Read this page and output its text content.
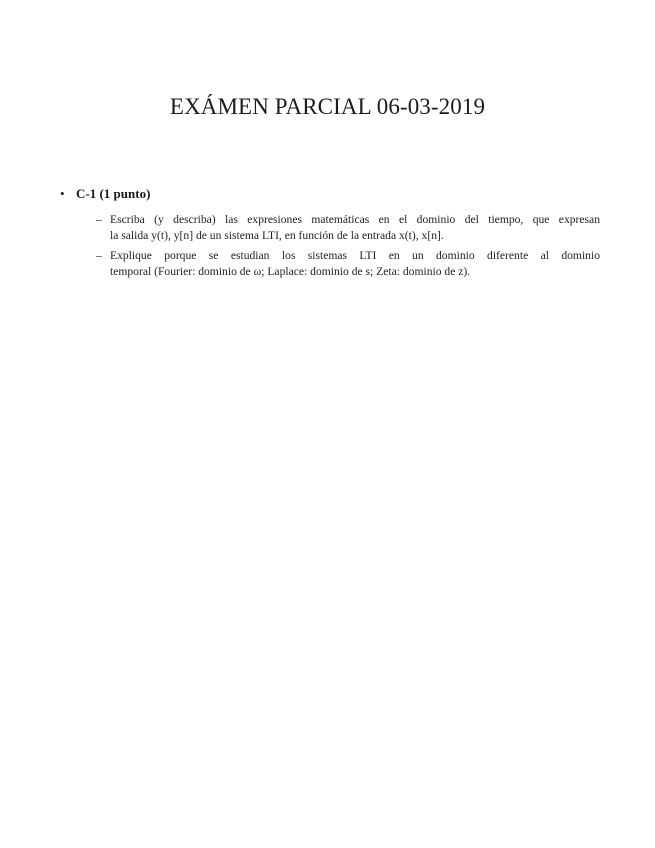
EXÁMEN PARCIAL 06-03-2019
• C-1 (1 punto)
– Escriba (y describa) las expresiones matemáticas en el dominio del tiempo, que expresan
la salida y(t), y[n] de un sistema LTI, en función de la entrada x(t), x[n].
– Explique porque se estudian los sistemas LTI en un dominio diferente al dominio
temporal (Fourier: dominio de ω; Laplace: dominio de s; Zeta: dominio de z).
